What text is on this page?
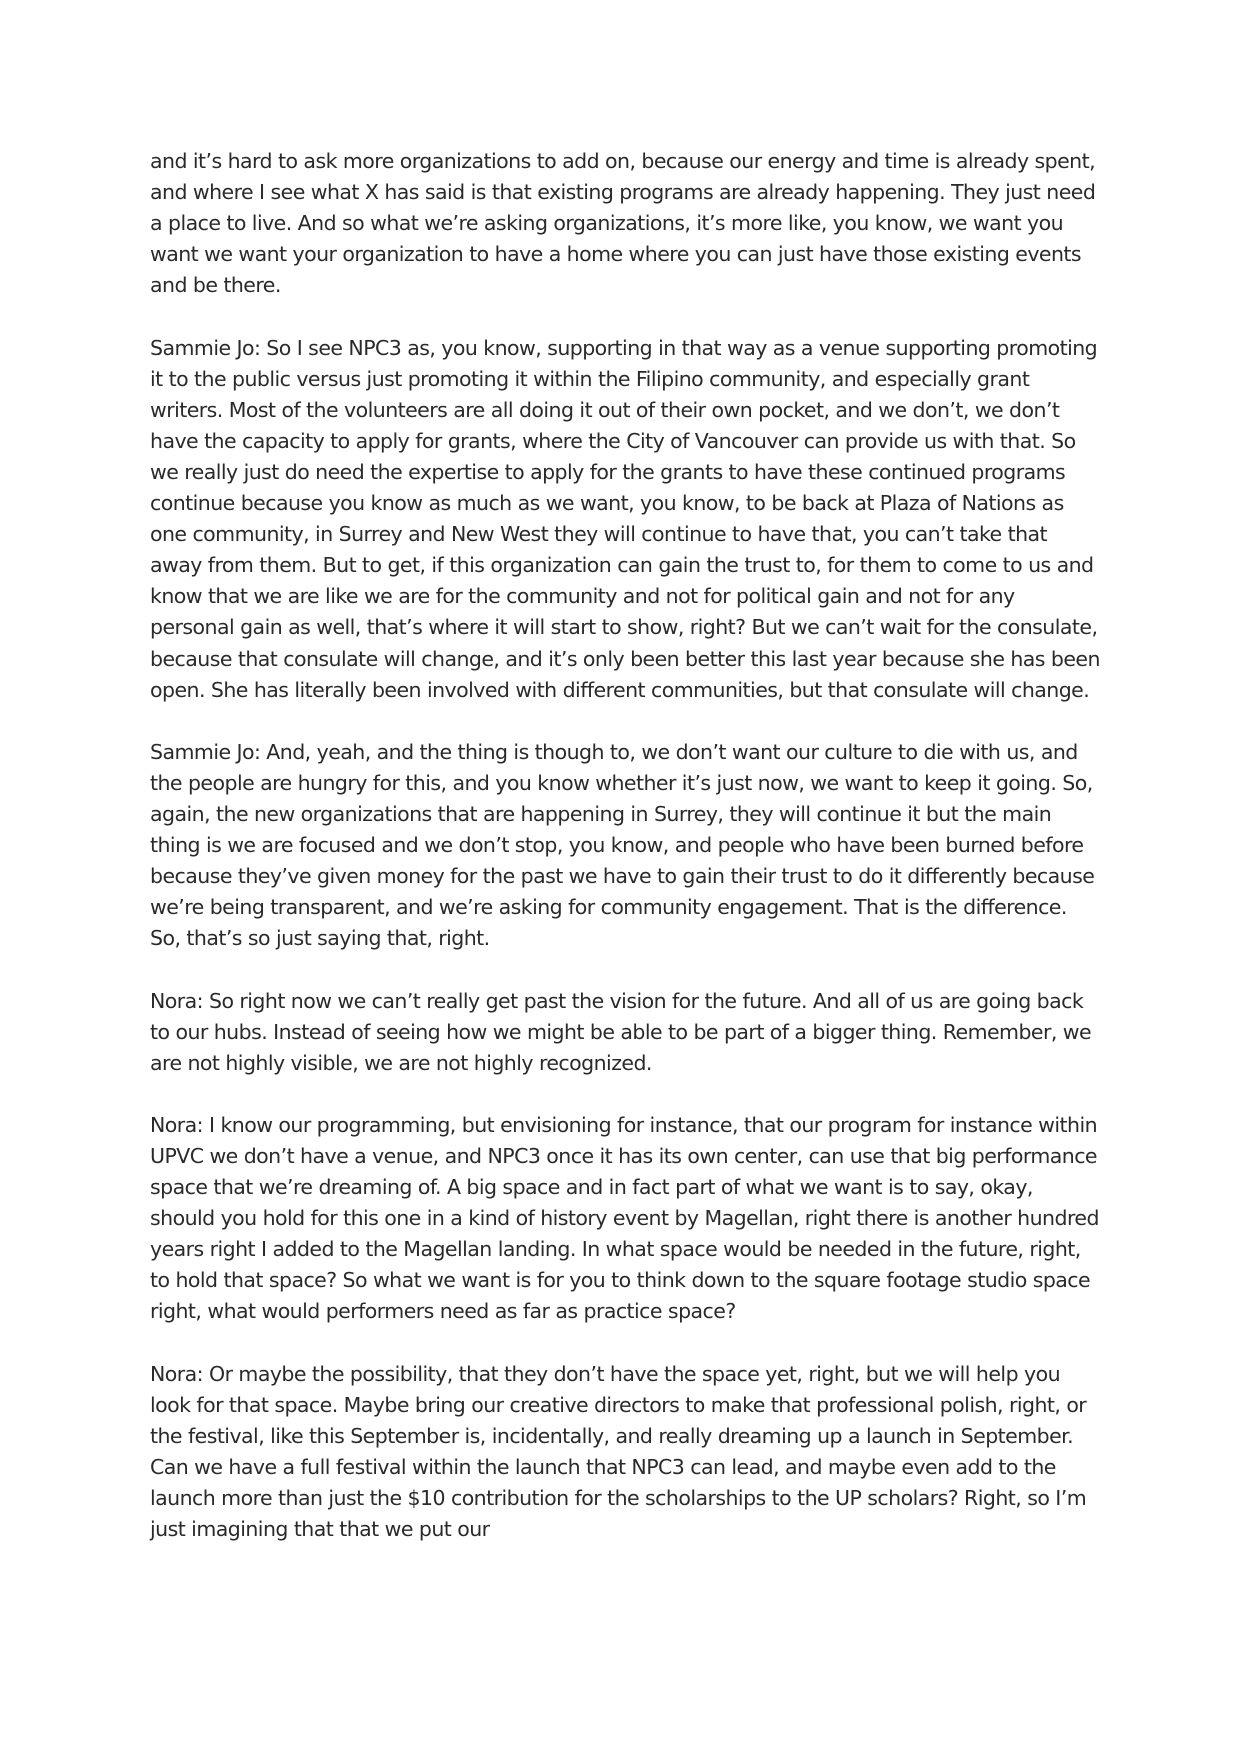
and it’s hard to ask more organizations to add on, because our energy and time is already spent, and where I see what X has said is that existing programs are already happening. They just need a place to live. And so what we’re asking organizations, it’s more like, you know, we want you want we want your organization to have a home where you can just have those existing events and be there.

Sammie Jo: So I see NPC3 as, you know, supporting in that way as a venue supporting promoting it to the public versus just promoting it within the Filipino community, and especially grant writers. Most of the volunteers are all doing it out of their own pocket, and we don’t, we don’t have the capacity to apply for grants, where the City of Vancouver can provide us with that. So we really just do need the expertise to apply for the grants to have these continued programs continue because you know as much as we want, you know, to be back at Plaza of Nations as one community, in Surrey and New West they will continue to have that, you can’t take that away from them. But to get, if this organization can gain the trust to, for them to come to us and know that we are like we are for the community and not for political gain and not for any personal gain as well, that’s where it will start to show, right? But we can’t wait for the consulate, because that consulate will change, and it’s only been better this last year because she has been open. She has literally been involved with different communities, but that consulate will change.

Sammie Jo: And, yeah, and the thing is though to, we don’t want our culture to die with us, and the people are hungry for this, and you know whether it’s just now, we want to keep it going. So, again, the new organizations that are happening in Surrey, they will continue it but the main thing is we are focused and we don’t stop, you know, and people who have been burned before because they’ve given money for the past we have to gain their trust to do it differently because we’re being transparent, and we’re asking for community engagement. That is the difference. So, that’s so just saying that, right.

Nora: So right now we can’t really get past the vision for the future. And all of us are going back to our hubs. Instead of seeing how we might be able to be part of a bigger thing. Remember, we are not highly visible, we are not highly recognized.

Nora: I know our programming, but envisioning for instance, that our program for instance within UPVC we don’t have a venue, and NPC3 once it has its own center, can use that big performance space that we’re dreaming of. A big space and in fact part of what we want is to say, okay, should you hold for this one in a kind of history event by Magellan, right there is another hundred years right I added to the Magellan landing. In what space would be needed in the future, right, to hold that space? So what we want is for you to think down to the square footage studio space right, what would performers need as far as practice space?

Nora: Or maybe the possibility, that they don’t have the space yet, right, but we will help you look for that space. Maybe bring our creative directors to make that professional polish, right, or the festival, like this September is, incidentally, and really dreaming up a launch in September. Can we have a full festival within the launch that NPC3 can lead, and maybe even add to the launch more than just the $10 contribution for the scholarships to the UP scholars? Right, so I’m just imagining that that we put our
